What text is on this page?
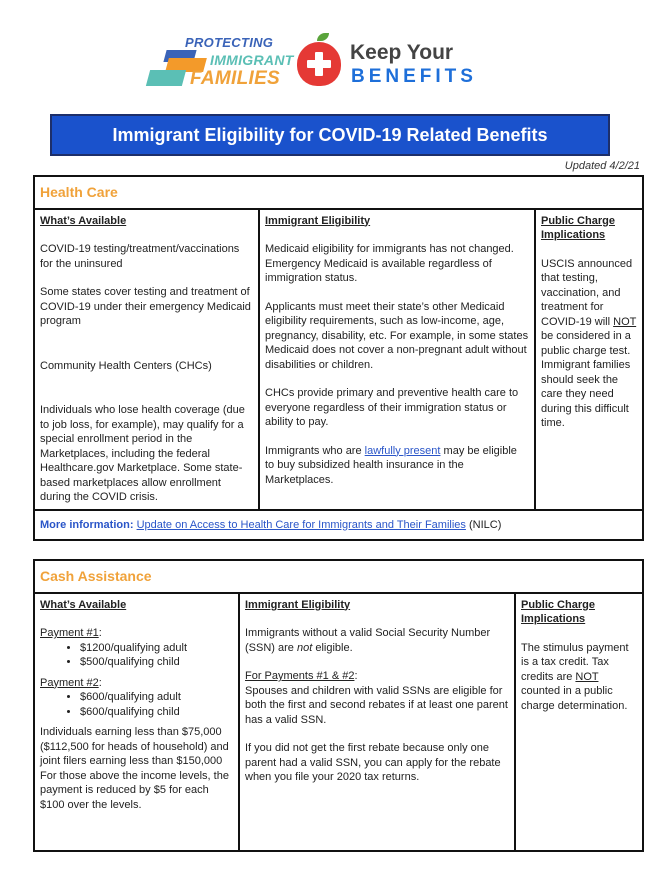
PROTECTING
IMMIGRANT
FAMILIES
Keep Your
BENEFITS
Immigrant Eligibility for COVID-19 Related Benefits
Updated 4/2/21
Health Care

What’s Available

COVID-19 testing/treatment/vaccinations for the uninsured

Some states cover testing and treatment of COVID-19 under their emergency Medicaid program

Community Health Centers (CHCs)

Individuals who lose health coverage (due to job loss, for example), may qualify for a special enrollment period in the Marketplaces, including the federal Healthcare.gov Marketplace. Some state-based marketplaces allow enrollment during the COVID crisis.

Immigrant Eligibility

Medicaid eligibility for immigrants has not changed. Emergency Medicaid is available regardless of immigration status.

Applicants must meet their state’s other Medicaid eligibility requirements, such as low-income, age, pregnancy, disability, etc. For example, in some states Medicaid does not cover a non-pregnant adult without disabilities or children.

CHCs provide primary and preventive health care to everyone regardless of their immigration status or ability to pay.

Immigrants who are lawfully present may be eligible to buy subsidized health insurance in the Marketplaces.

Public Charge Implications

USCIS announced that testing, vaccination, and treatment for COVID-19 will NOT be considered in a public charge test. Immigrant families should seek the care they need during this difficult time.

More information: Update on Access to Health Care for Immigrants and Their Families (NILC)
Cash Assistance

What’s Available
Payment #1:
• $1200/qualifying adult
• $500/qualifying child
Payment #2:
• $600/qualifying adult
• $600/qualifying child

Individuals earning less than $75,000 ($112,500 for heads of household) and joint filers earning less than $150,000 For those above the income levels, the payment is reduced by $5 for each $100 over the levels.

Immigrant Eligibility

Immigrants without a valid Social Security Number (SSN) are not eligible.

For Payments #1 & #2:

Spouses and children with valid SSNs are eligible for both the first and second rebates if at least one parent has a valid SSN.

If you did not get the first rebate because only one parent had a valid SSN, you can apply for the rebate when you file your 2020 tax returns.

Public Charge Implications

The stimulus payment is a tax credit. Tax credits are NOT counted in a public charge determination.
